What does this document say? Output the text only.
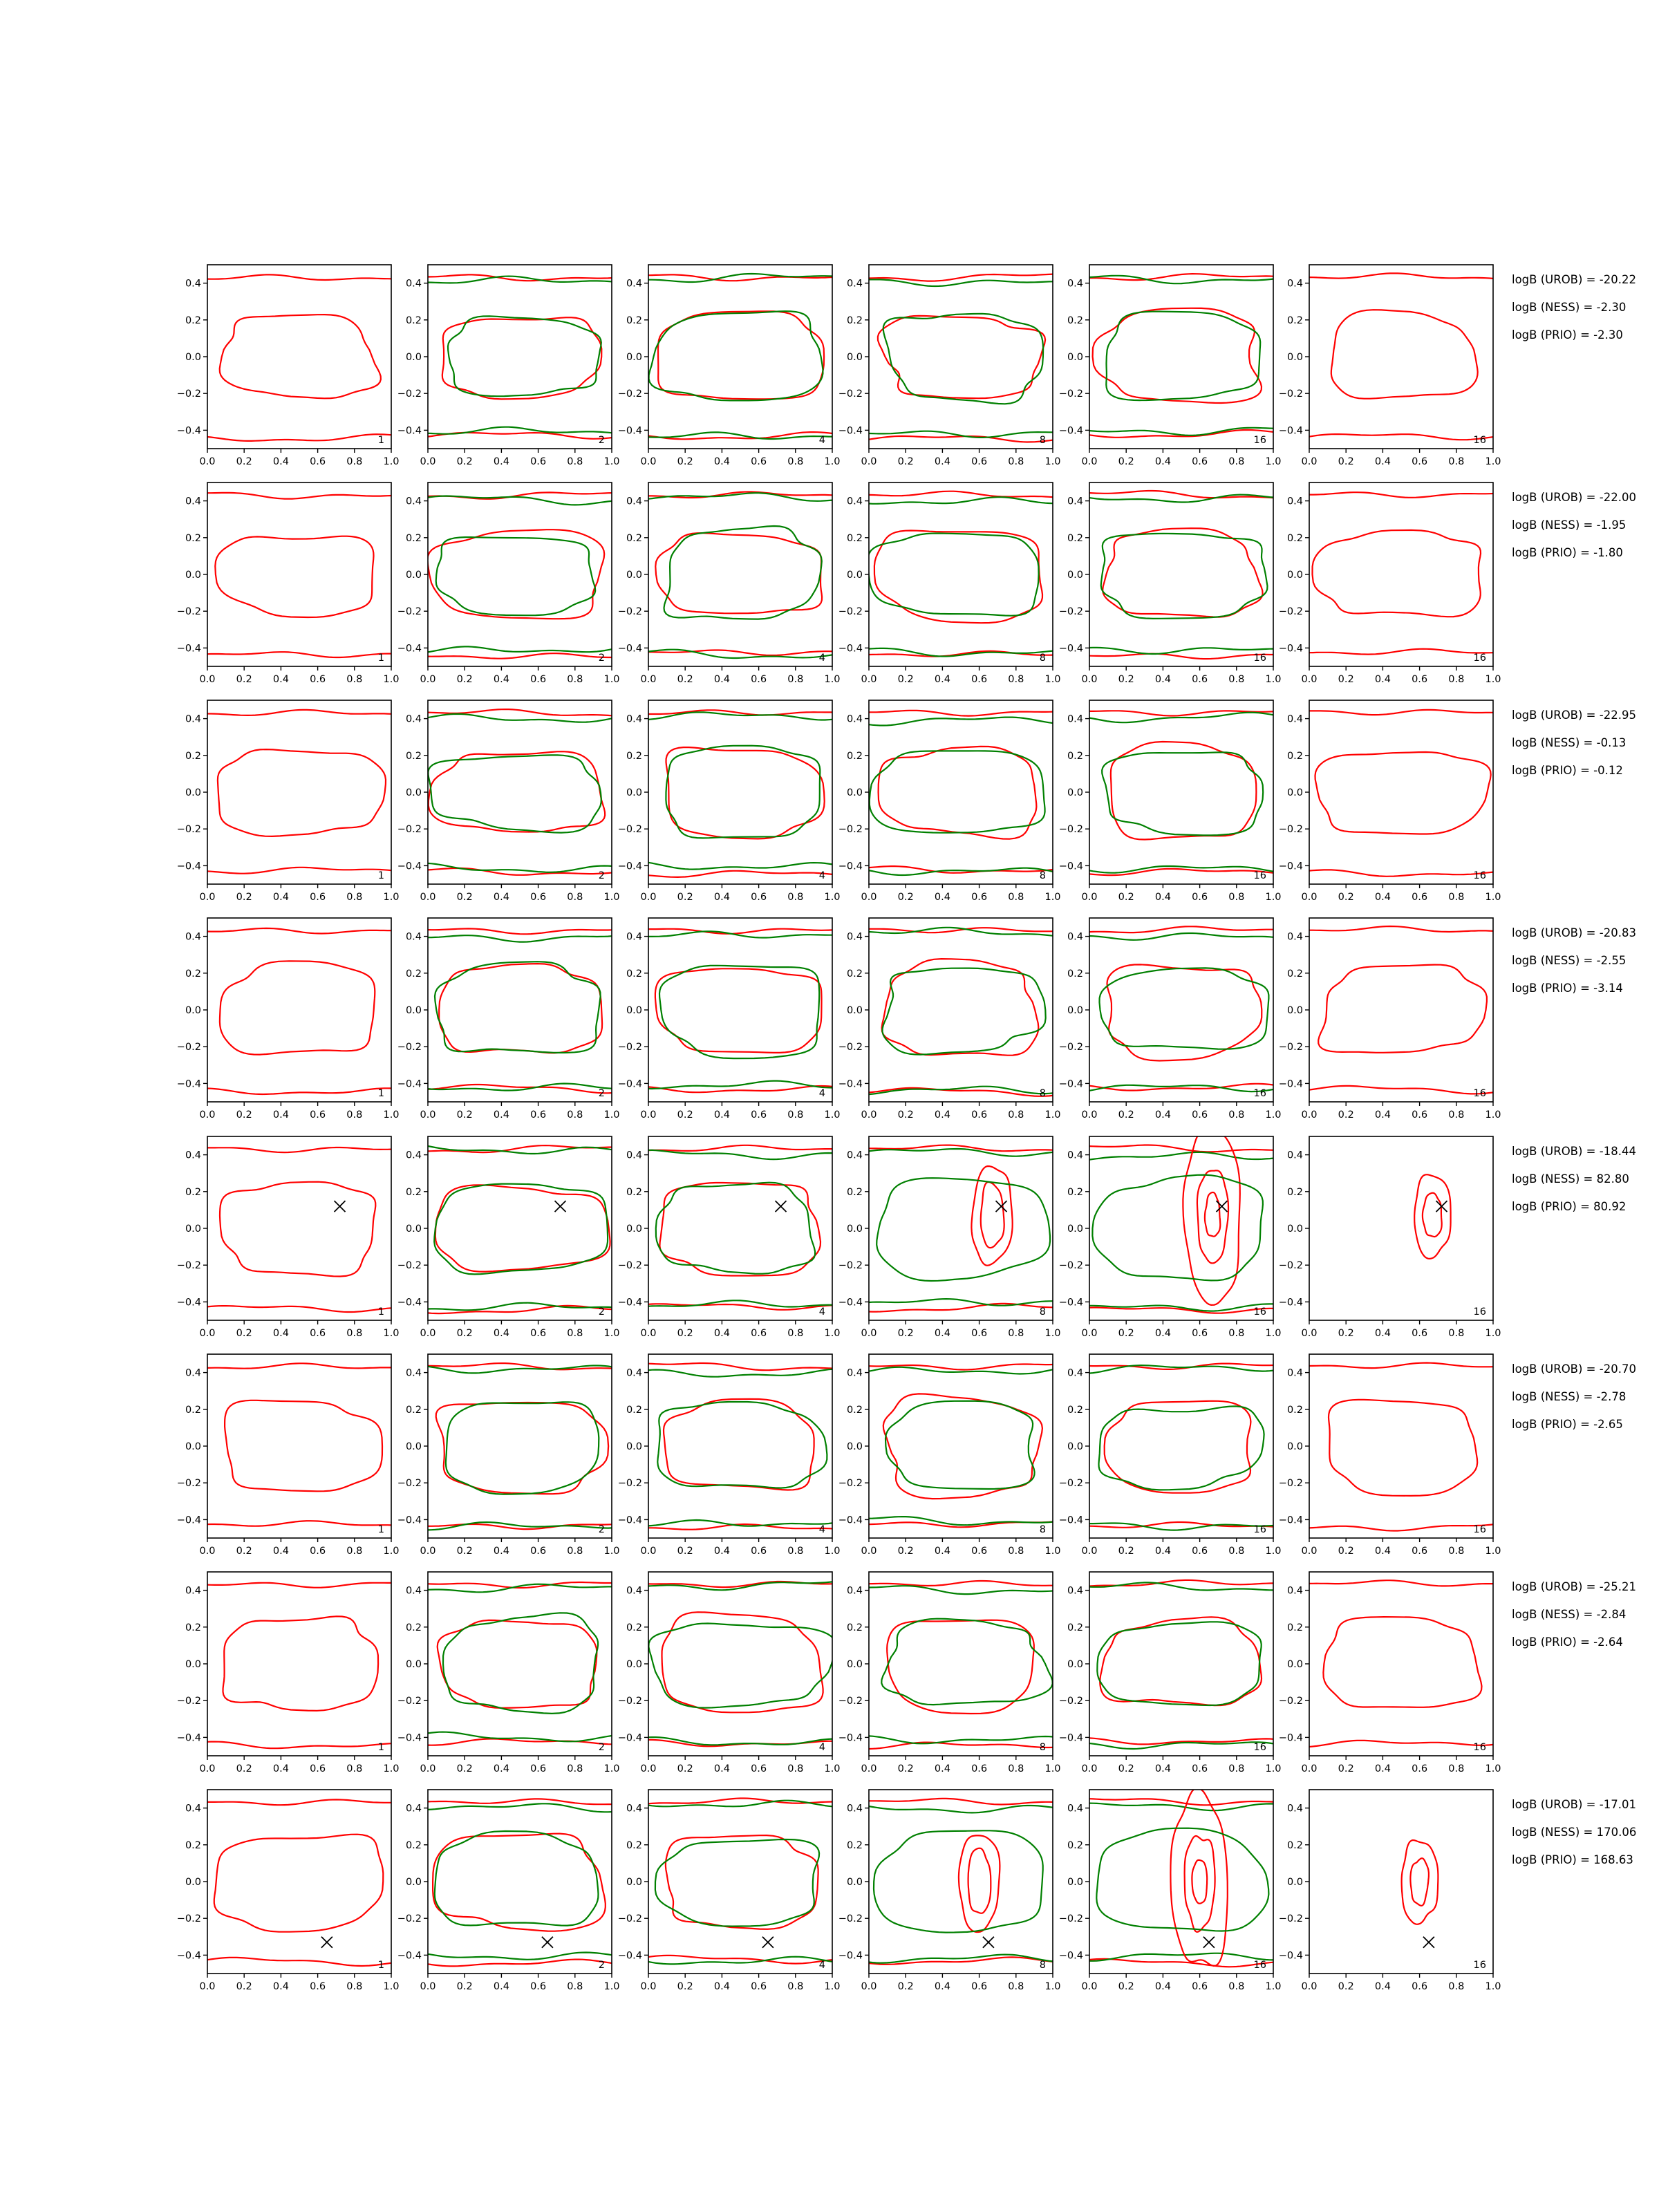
0.0 0.2 0.4 0.6 0.8 1.0
0.4
0.2
0.0
−0.2
−0.4
1
0.0 0.2 0.4 0.6 0.8 1.0
0.4
0.2
0.0
−0.2
−0.4
2
0.0 0.2 0.4 0.6 0.8 1.0
0.4
0.2
0.0
−0.2
−0.4
4
0.0 0.2 0.4 0.6 0.8 1.0
0.4
0.2
0.0
−0.2
−0.4
8
0.0 0.2 0.4 0.6 0.8 1.0
0.4
0.2
0.0
−0.2
−0.4
16
0.0 0.2 0.4 0.6 0.8 1.0
0.4
0.2
0.0
−0.2
−0.4
16
logB (UROB) = -20.22
logB (NESS) = -2.30
logB (PRIO) = -2.30
0.0 0.2 0.4 0.6 0.8 1.0
0.4
0.2
0.0
−0.2
−0.4
1
0.0 0.2 0.4 0.6 0.8 1.0
0.4
0.2
0.0
−0.2
−0.4
2
0.0 0.2 0.4 0.6 0.8 1.0
0.4
0.2
0.0
−0.2
−0.4
4
0.0 0.2 0.4 0.6 0.8 1.0
0.4
0.2
0.0
−0.2
−0.4
8
0.0 0.2 0.4 0.6 0.8 1.0
0.4
0.2
0.0
−0.2
−0.4
16
0.0 0.2 0.4 0.6 0.8 1.0
0.4
0.2
0.0
−0.2
−0.4
16
logB (UROB) = -22.00
logB (NESS) = -1.95
logB (PRIO) = -1.80
0.0 0.2 0.4 0.6 0.8 1.0
0.4
0.2
0.0
−0.2
−0.4
1
0.0 0.2 0.4 0.6 0.8 1.0
0.4
0.2
0.0
−0.2
−0.4
2
0.0 0.2 0.4 0.6 0.8 1.0
0.4
0.2
0.0
−0.2
−0.4
4
0.0 0.2 0.4 0.6 0.8 1.0
0.4
0.2
0.0
−0.2
−0.4
8
0.0 0.2 0.4 0.6 0.8 1.0
0.4
0.2
0.0
−0.2
−0.4
16
0.0 0.2 0.4 0.6 0.8 1.0
0.4
0.2
0.0
−0.2
−0.4
16
logB (UROB) = -22.95
logB (NESS) = -0.13
logB (PRIO) = -0.12
0.0 0.2 0.4 0.6 0.8 1.0
0.4
0.2
0.0
−0.2
−0.4
1
0.0 0.2 0.4 0.6 0.8 1.0
0.4
0.2
0.0
−0.2
−0.4
2
0.0 0.2 0.4 0.6 0.8 1.0
0.4
0.2
0.0
−0.2
−0.4
4
0.0 0.2 0.4 0.6 0.8 1.0
0.4
0.2
0.0
−0.2
−0.4
8
0.0 0.2 0.4 0.6 0.8 1.0
0.4
0.2
0.0
−0.2
−0.4
16
0.0 0.2 0.4 0.6 0.8 1.0
0.4
0.2
0.0
−0.2
−0.4
16
logB (UROB) = -20.83
logB (NESS) = -2.55
logB (PRIO) = -3.14
0.0 0.2 0.4 0.6 0.8 1.0
0.4
0.2
0.0
−0.2
−0.4
1
0.0 0.2 0.4 0.6 0.8 1.0
0.4
0.2
0.0
−0.2
−0.4
2
0.0 0.2 0.4 0.6 0.8 1.0
0.4
0.2
0.0
−0.2
−0.4
4
0.0 0.2 0.4 0.6 0.8 1.0
0.4
0.2
0.0
−0.2
−0.4
8
0.0 0.2 0.4 0.6 0.8 1.0
0.4
0.2
0.0
−0.2
−0.4
16
0.0 0.2 0.4 0.6 0.8 1.0
0.4
0.2
0.0
−0.2
−0.4
16
logB (UROB) = -18.44
logB (NESS) = 82.80
logB (PRIO) = 80.92
0.0 0.2 0.4 0.6 0.8 1.0
0.4
0.2
0.0
−0.2
−0.4
1
0.0 0.2 0.4 0.6 0.8 1.0
0.4
0.2
0.0
−0.2
−0.4
2
0.0 0.2 0.4 0.6 0.8 1.0
0.4
0.2
0.0
−0.2
−0.4
4
0.0 0.2 0.4 0.6 0.8 1.0
0.4
0.2
0.0
−0.2
−0.4
8
0.0 0.2 0.4 0.6 0.8 1.0
0.4
0.2
0.0
−0.2
−0.4
16
0.0 0.2 0.4 0.6 0.8 1.0
0.4
0.2
0.0
−0.2
−0.4
16
logB (UROB) = -20.70
logB (NESS) = -2.78
logB (PRIO) = -2.65
0.0 0.2 0.4 0.6 0.8 1.0
0.4
0.2
0.0
−0.2
−0.4
1
0.0 0.2 0.4 0.6 0.8 1.0
0.4
0.2
0.0
−0.2
−0.4
2
0.0 0.2 0.4 0.6 0.8 1.0
0.4
0.2
0.0
−0.2
−0.4
4
0.0 0.2 0.4 0.6 0.8 1.0
0.4
0.2
0.0
−0.2
−0.4
8
0.0 0.2 0.4 0.6 0.8 1.0
0.4
0.2
0.0
−0.2
−0.4
16
0.0 0.2 0.4 0.6 0.8 1.0
0.4
0.2
0.0
−0.2
−0.4
16
logB (UROB) = -25.21
logB (NESS) = -2.84
logB (PRIO) = -2.64
0.0 0.2 0.4 0.6 0.8 1.0
0.4
0.2
0.0
−0.2
−0.4
1
0.0 0.2 0.4 0.6 0.8 1.0
0.4
0.2
0.0
−0.2
−0.4
2
0.0 0.2 0.4 0.6 0.8 1.0
0.4
0.2
0.0
−0.2
−0.4
4
0.0 0.2 0.4 0.6 0.8 1.0
0.4
0.2
0.0
−0.2
−0.4
8
0.0 0.2 0.4 0.6 0.8 1.0
0.4
0.2
0.0
−0.2
−0.4
16
0.0 0.2 0.4 0.6 0.8 1.0
0.4
0.2
0.0
−0.2
−0.4
16
logB (UROB) = -17.01
logB (NESS) = 170.06
logB (PRIO) = 168.63
